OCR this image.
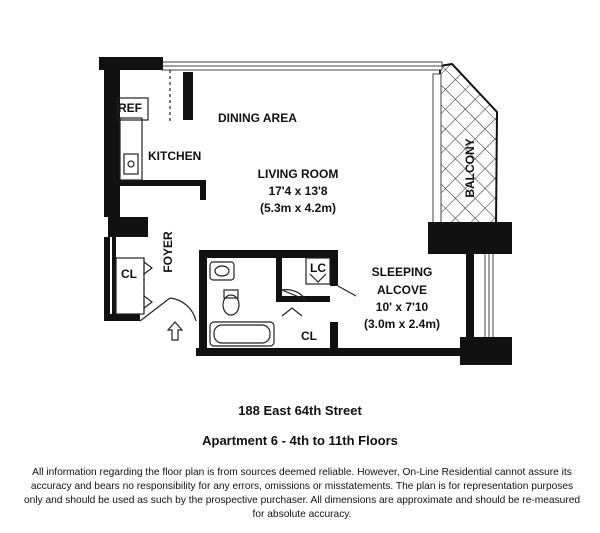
REF
DINING AREA
KITCHEN
LIVING ROOM
17'4 x 13'8
(5.3m x 4.2m)
BALCONY
FOYER
CL	LC
CL
SLEEPING
ALCOVE
10' x 7'10
(3.0m x 2.4m)
188 East 64th Street
Apartment 6 - 4th to 11th Floors
All information regarding the floor plan is from sources deemed reliable. However, On-Line Residential cannot assure its accuracy and bears no responsibility for any errors, omissions or misstatements. The plan is for representation purposes only and should be used as such by the prospective purchaser. All dimensions are approximate and should be re-measured for absolute accuracy.
